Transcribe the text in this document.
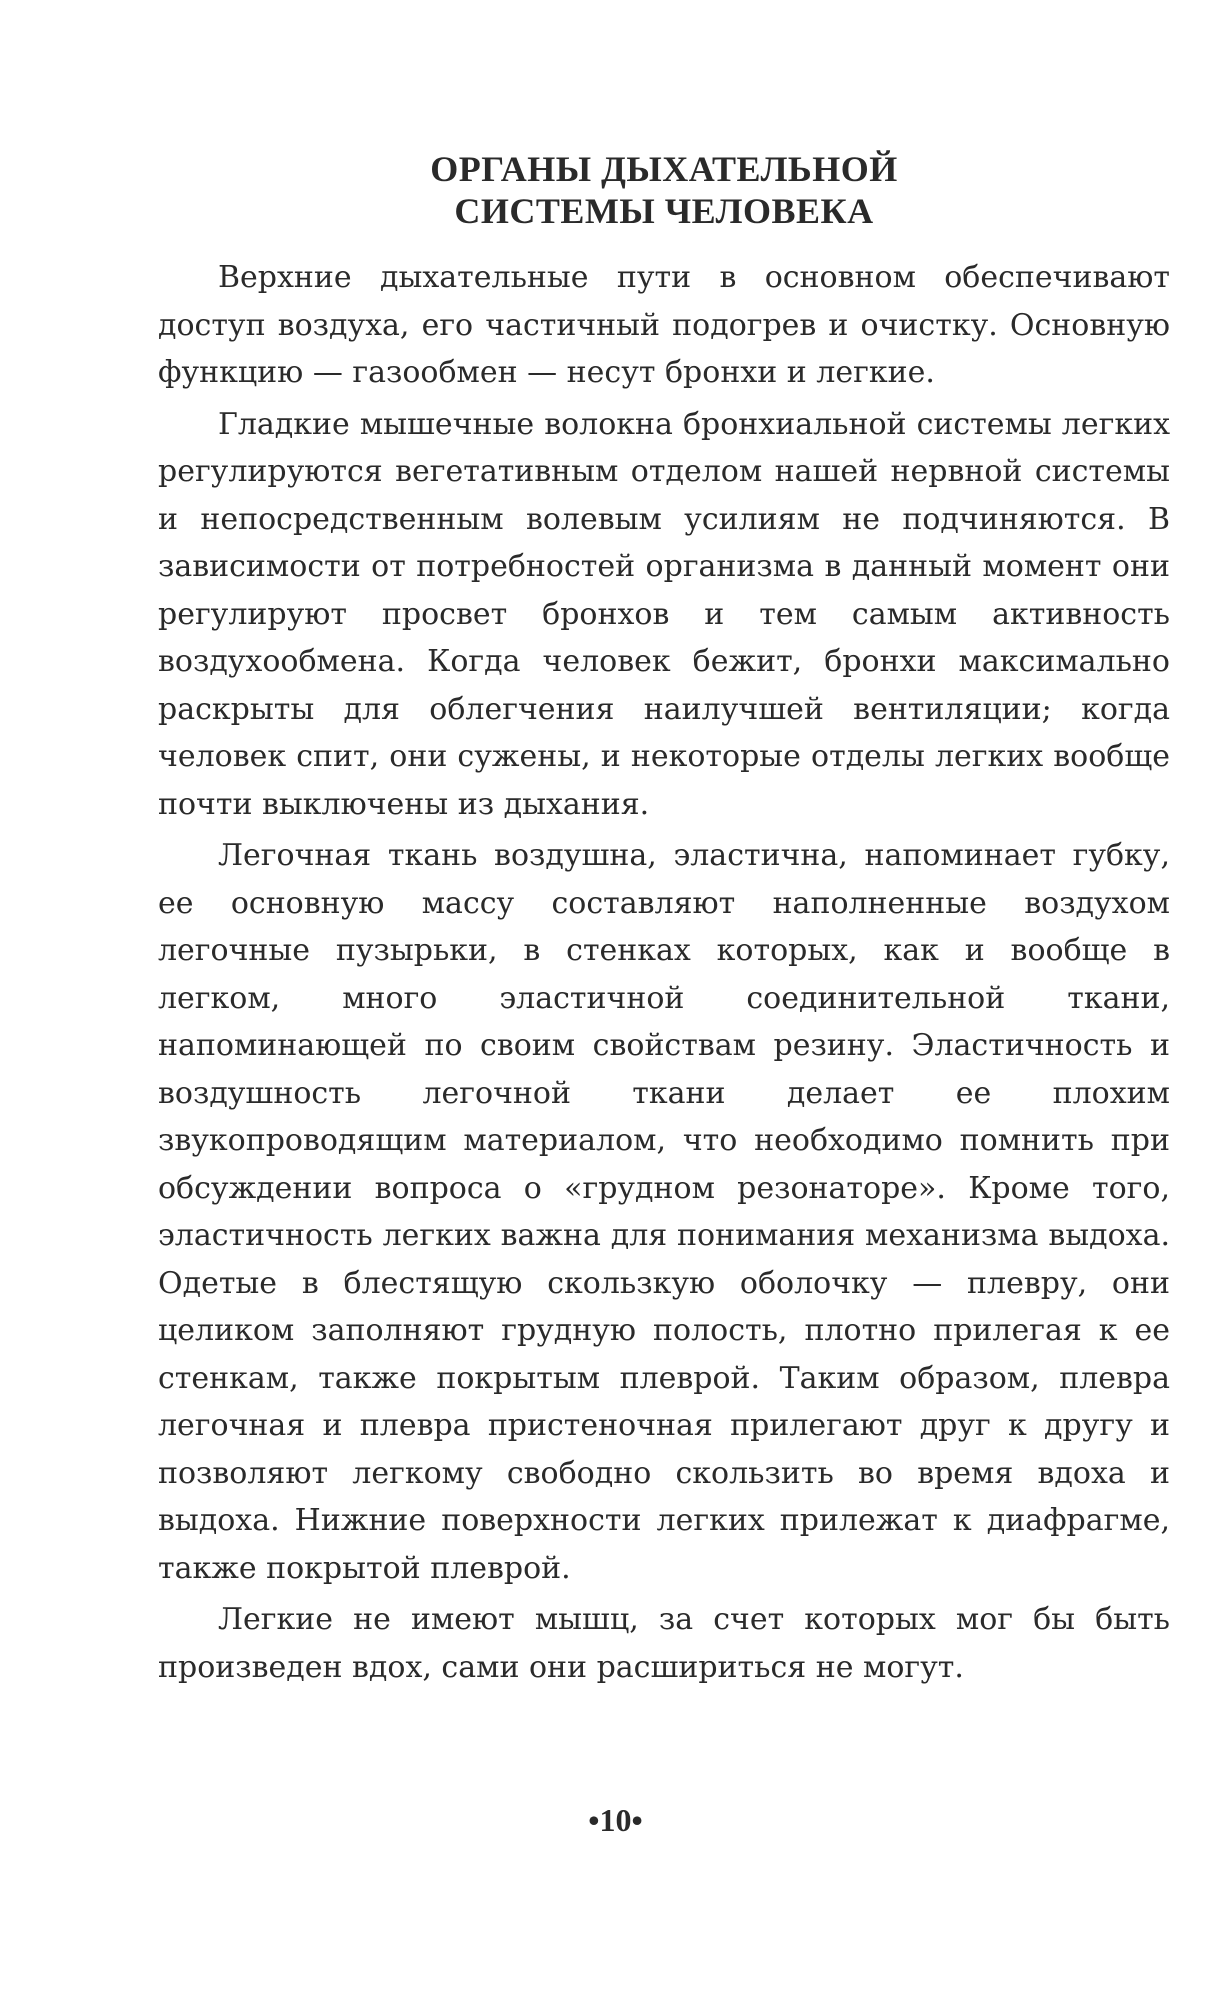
ОРГАНЫ ДЫХАТЕЛЬНОЙ
СИСТЕМЫ ЧЕЛОВЕКА

Верхние дыхательные пути в основном обеспечивают доступ воздуха, его частичный подогрев и очистку. Основную функцию — газообмен — несут бронхи и легкие.

Гладкие мышечные волокна бронхиальной системы легких регулируются вегетативным отделом нашей нервной системы и непосредственным волевым усилиям не подчиняются. В зависимости от потребностей организма в данный момент они регулируют просвет бронхов и тем самым активность воздухообмена. Когда человек бежит, бронхи максимально раскрыты для облегчения наилучшей вентиляции; когда человек спит, они сужены, и некоторые отделы легких вообще почти выключены из дыхания.

Легочная ткань воздушна, эластична, напоминает губку, ее основную массу составляют наполненные воздухом легочные пузырьки, в стенках которых, как и вообще в легком, много эластичной соединительной ткани, напоминающей по своим свойствам резину. Эластичность и воздушность легочной ткани делает ее плохим звукопроводящим материалом, что необходимо помнить при обсуждении вопроса о «грудном резонаторе». Кроме того, эластичность легких важна для понимания механизма выдоха. Одетые в блестящую скользкую оболочку — плевру, они целиком заполняют грудную полость, плотно прилегая к ее стенкам, также покрытым плеврой. Таким образом, плевра легочная и плевра пристеночная прилегают друг к другу и позволяют легкому свободно скользить во время вдоха и выдоха. Нижние поверхности легких прилежат к диафрагме, также покрытой плеврой.

Легкие не имеют мышц, за счет которых мог бы быть произведен вдох, сами они расшириться не могут.

•10•
